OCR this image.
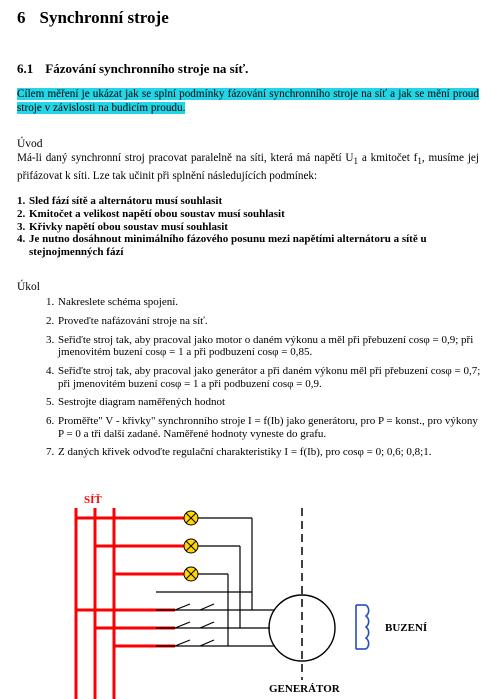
6 Synchronní stroje
6.1 Fázování synchronního stroje na síť.
Cílem měření je ukázat jak se splní podmínky fázování synchronního stroje na síť a jak se mění proud stroje v závislosti na budicím proudu.
Úvod
Má-li daný synchronní stroj pracovat paralelně na síti, která má napětí $U_1$ a kmitočet $f_1$, musíme jej přifázovat k síti. Lze tak učinit při splnění následujících podmínek:
1. Sled fází sítě a alternátoru musí souhlasit
2. Kmitočet a velikost napětí obou soustav musí souhlasit
3. Křivky napětí obou soustav musí souhlasit
4. Je nutno dosáhnout minimálního fázového posunu mezi napětími alternátoru a sítě u stejnojmenných fází
Úkol
1. Nakreslete schéma spojení.
2. Proveďte nafázování stroje na síť.
3. Seřiďte stroj tak, aby pracoval jako motor o daném výkonu a měl při přebuzení cosφ = 0,9; při jmenovitém buzení cosφ = 1 a při podbuzení cosφ = 0,85.
4. Seřiďte stroj tak, aby pracoval jako generátor a při daném výkonu měl při přebuzení cosφ = 0,7; při jmenovitém buzení cosφ = 1 a při podbuzení cosφ = 0,9.
5. Sestrojte diagram naměřených hodnot
6. Proměřte" V - křivky" synchronního stroje I = f(Ib) jako generátoru, pro P = konst., pro výkony P = 0 a tři další zadané. Naměřené hodnoty vyneste do grafu.
7. Z daných křivek odvoďte regulační charakteristiky I = f(Ib), pro cosφ = 0; 0,6; 0,8;1.
SÍŤ
BUZENÍ
GENERÁTOR
